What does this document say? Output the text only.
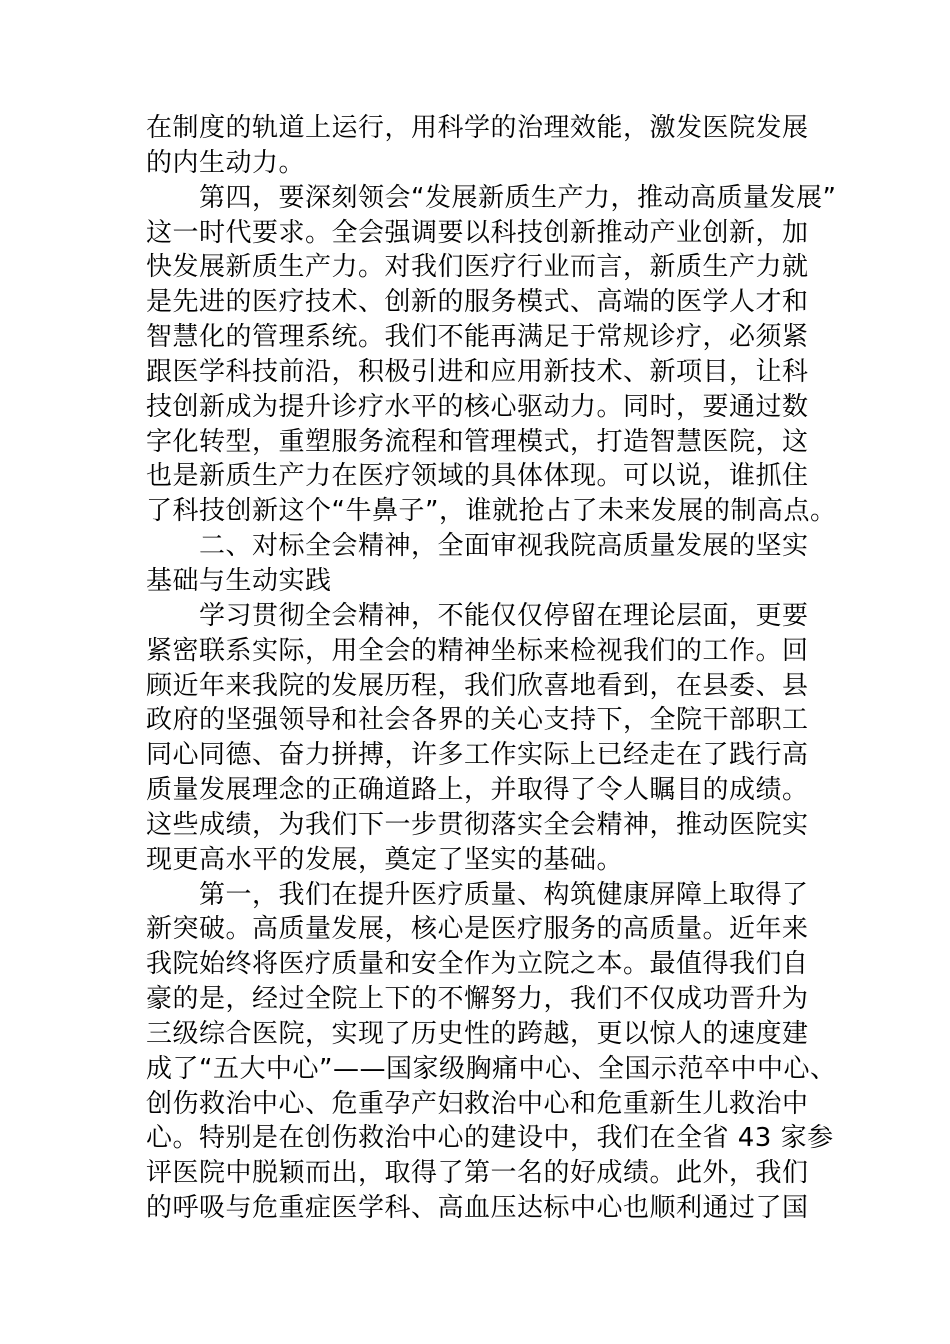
在制度的轨道上运行，用科学的治理效能，激发医院发展
的内生动力。
第四，要深刻领会“发展新质生产力，推动高质量发展”
这一时代要求。全会强调要以科技创新推动产业创新，加
快发展新质生产力。对我们医疗行业而言，新质生产力就
是先进的医疗技术、创新的服务模式、高端的医学人才和
智慧化的管理系统。我们不能再满足于常规诊疗，必须紧
跟医学科技前沿，积极引进和应用新技术、新项目，让科
技创新成为提升诊疗水平的核心驱动力。同时，要通过数
字化转型，重塑服务流程和管理模式，打造智慧医院，这
也是新质生产力在医疗领域的具体体现。可以说，谁抓住
了科技创新这个“牛鼻子”，谁就抢占了未来发展的制高点。
二、对标全会精神，全面审视我院高质量发展的坚实
基础与生动实践
学习贯彻全会精神，不能仅仅停留在理论层面，更要
紧密联系实际，用全会的精神坐标来检视我们的工作。回
顾近年来我院的发展历程，我们欣喜地看到，在县委、县
政府的坚强领导和社会各界的关心支持下，全院干部职工
同心同德、奋力拼搏，许多工作实际上已经走在了践行高
质量发展理念的正确道路上，并取得了令人瞩目的成绩。
这些成绩，为我们下一步贯彻落实全会精神，推动医院实
现更高水平的发展，奠定了坚实的基础。
第一，我们在提升医疗质量、构筑健康屏障上取得了
新突破。高质量发展，核心是医疗服务的高质量。近年来
我院始终将医疗质量和安全作为立院之本。最值得我们自
豪的是，经过全院上下的不懈努力，我们不仅成功晋升为
三级综合医院，实现了历史性的跨越，更以惊人的速度建
成了“五大中心”——国家级胸痛中心、全国示范卒中中心、
创伤救治中心、危重孕产妇救治中心和危重新生儿救治中
心。特别是在创伤救治中心的建设中，我们在全省 43 家参
评医院中脱颖而出，取得了第一名的好成绩。此外，我们
的呼吸与危重症医学科、高血压达标中心也顺利通过了国
